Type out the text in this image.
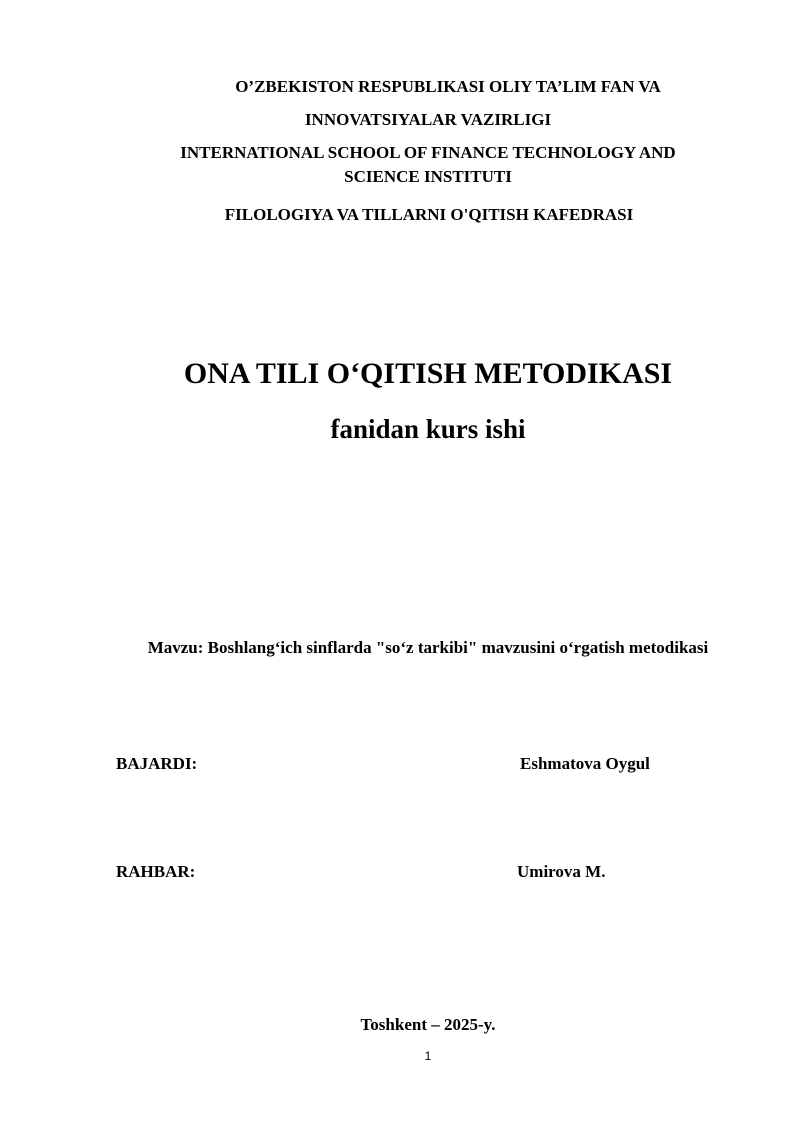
O’ZBEKISTON RESPUBLIKASI OLIY TA’LIM FAN VA
INNOVATSIYALAR VAZIRLIGI
INTERNATIONAL SCHOOL OF FINANCE TECHNOLOGY AND
SCIENCE INSTITUTI
FILOLOGIYA VA TILLARNI O'QITISH KAFEDRASI
ONA TILI O‘QITISH METODIKASI
fanidan kurs ishi
Mavzu: Boshlang‘ich sinflarda "so‘z tarkibi" mavzusini o‘rgatish metodikasi
BAJARDI:	Eshmatova Oygul
RAHBAR:	Umirova M.
Toshkent – 2025-y.
1
